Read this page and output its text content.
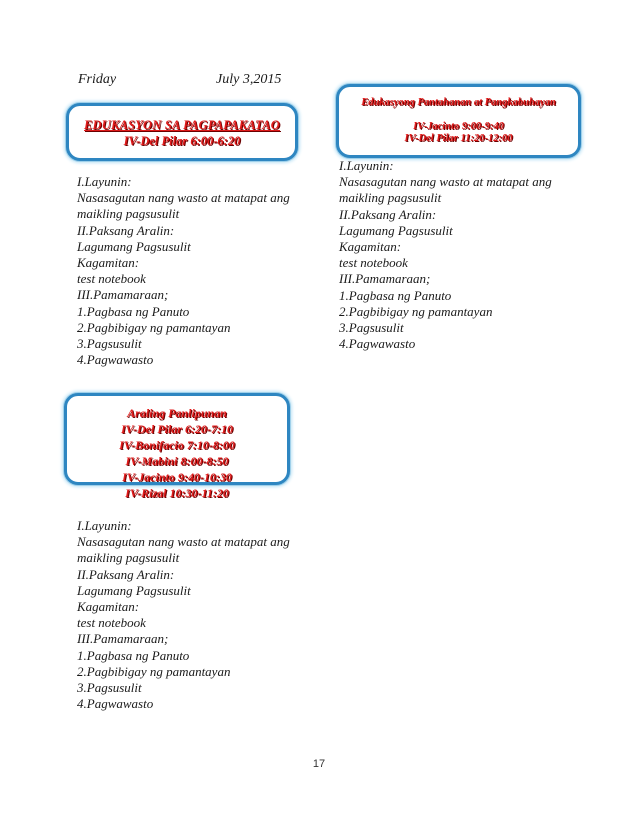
Friday	July 3,2015
EDUKASYON SA PAGPAPAKATAO
IV-Del Pilar 6:00-6:20
Edukasyong Pantahanan at Pangkabuhayan
IV-Jacinto 9:00-9:40
IV-Del Pilar 11:20-12:00
Araling Panlipunan
IV-Del Pilar 6:20-7:10
IV-Bonifacio 7:10-8:00
IV-Mabini 8:00-8:50
IV-Jacinto 9:40-10:30
IV-Rizal 10:30-11:20
I.Layunin:
Nasasagutan nang wasto at matapat ang
maikling pagsusulit
II.Paksang Aralin:
Lagumang Pagsusulit
Kagamitan:
test notebook
III.Pamamaraan;
1.Pagbasa ng Panuto
2.Pagbibigay ng pamantayan
3.Pagsusulit
4.Pagwawasto
I.Layunin:
Nasasagutan nang wasto at matapat ang
maikling pagsusulit
II.Paksang Aralin:
Lagumang Pagsusulit
Kagamitan:
test notebook
III.Pamamaraan;
1.Pagbasa ng Panuto
2.Pagbibigay ng pamantayan
3.Pagsusulit
4.Pagwawasto
I.Layunin:
Nasasagutan nang wasto at matapat ang
maikling pagsusulit
II.Paksang Aralin:
Lagumang Pagsusulit
Kagamitan:
test notebook
III.Pamamaraan;
1.Pagbasa ng Panuto
2.Pagbibigay ng pamantayan
3.Pagsusulit
4.Pagwawasto
17
